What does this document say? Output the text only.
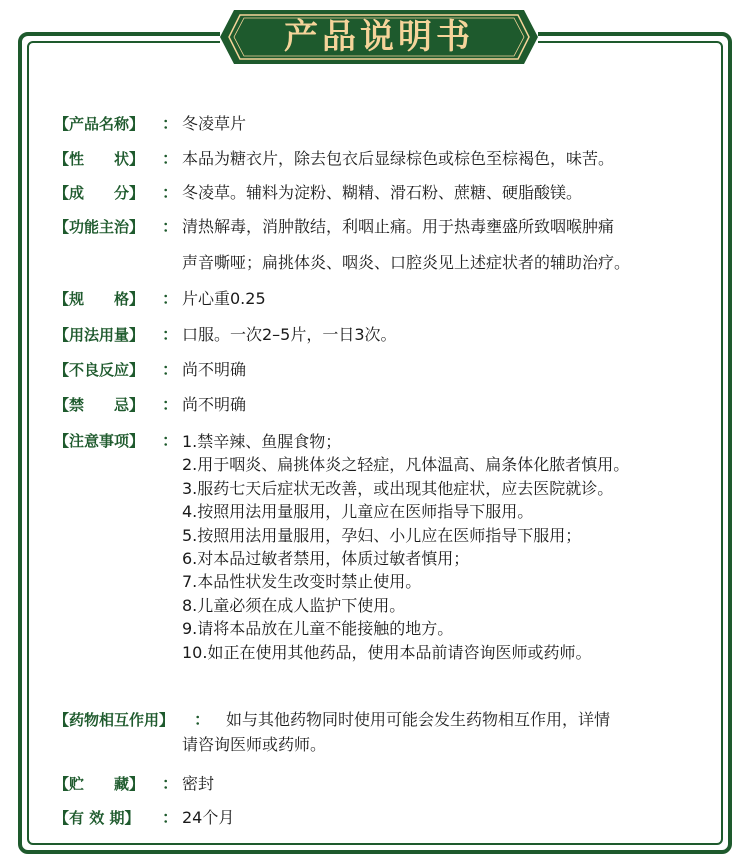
产品说明书
【产品名称】 ： 冬凌草片
【性　　状】 ： 本品为糖衣片，除去包衣后显绿棕色或棕色至棕褐色，味苦。
【成　　分】 ： 冬凌草。辅料为淀粉、糊精、滑石粉、蔗糖、硬脂酸镁。
【功能主治】 ： 清热解毒，消肿散结，利咽止痛。用于热毒壅盛所致咽喉肿痛
声音嘶哑；扁挑体炎、咽炎、口腔炎见上述症状者的辅助治疗。
【规　　格】 ： 片心重0.25
【用法用量】 ： 口服。一次2–5片，一日3次。
【不良反应】 ： 尚不明确
【禁　　忌】 ： 尚不明确
【注意事项】 ： 1.禁辛辣、鱼腥食物；
2.用于咽炎、扁挑体炎之轻症，凡体温高、扁条体化脓者慎用。
3.服药七天后症状无改善，或出现其他症状，应去医院就诊。
4.按照用法用量服用，儿童应在医师指导下服用。
5.按照用法用量服用，孕妇、小儿应在医师指导下服用；
6.对本品过敏者禁用，体质过敏者慎用；
7.本品性状发生改变时禁止使用。
8.儿童必须在成人监护下使用。
9.请将本品放在儿童不能接触的地方。
10.如正在使用其他药品，使用本品前请咨询医师或药师。
【药物相互作用】 ： 如与其他药物同时使用可能会发生药物相互作用，详情
请咨询医师或药师。
【贮　　藏】 ： 密封
【有 效 期】 ： 24个月
